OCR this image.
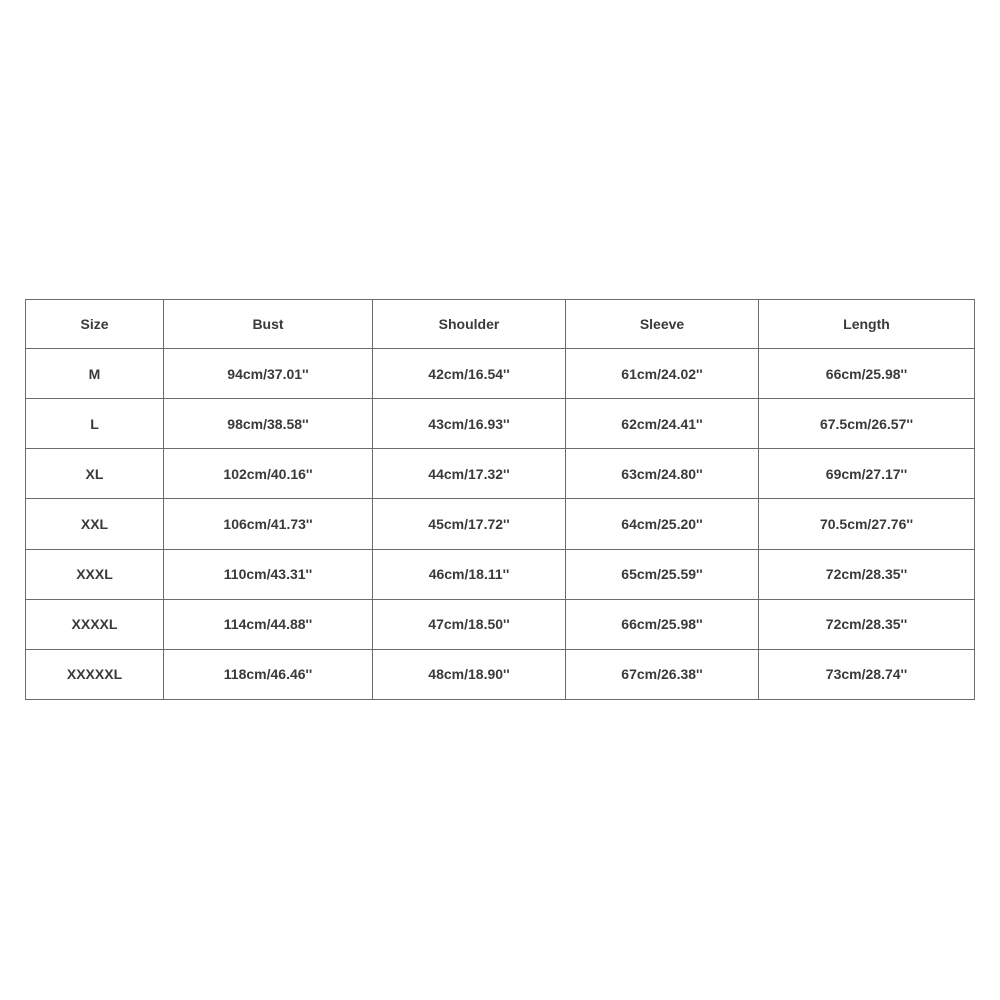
Size	Bust	Shoulder	Sleeve	Length
M	94cm/37.01''	42cm/16.54''	61cm/24.02''	66cm/25.98''
L	98cm/38.58''	43cm/16.93''	62cm/24.41''	67.5cm/26.57''
XL	102cm/40.16''	44cm/17.32''	63cm/24.80''	69cm/27.17''
XXL	106cm/41.73''	45cm/17.72''	64cm/25.20''	70.5cm/27.76''
XXXL	110cm/43.31''	46cm/18.11''	65cm/25.59''	72cm/28.35''
XXXXL	114cm/44.88''	47cm/18.50''	66cm/25.98''	72cm/28.35''
XXXXXL	118cm/46.46''	48cm/18.90''	67cm/26.38''	73cm/28.74''
